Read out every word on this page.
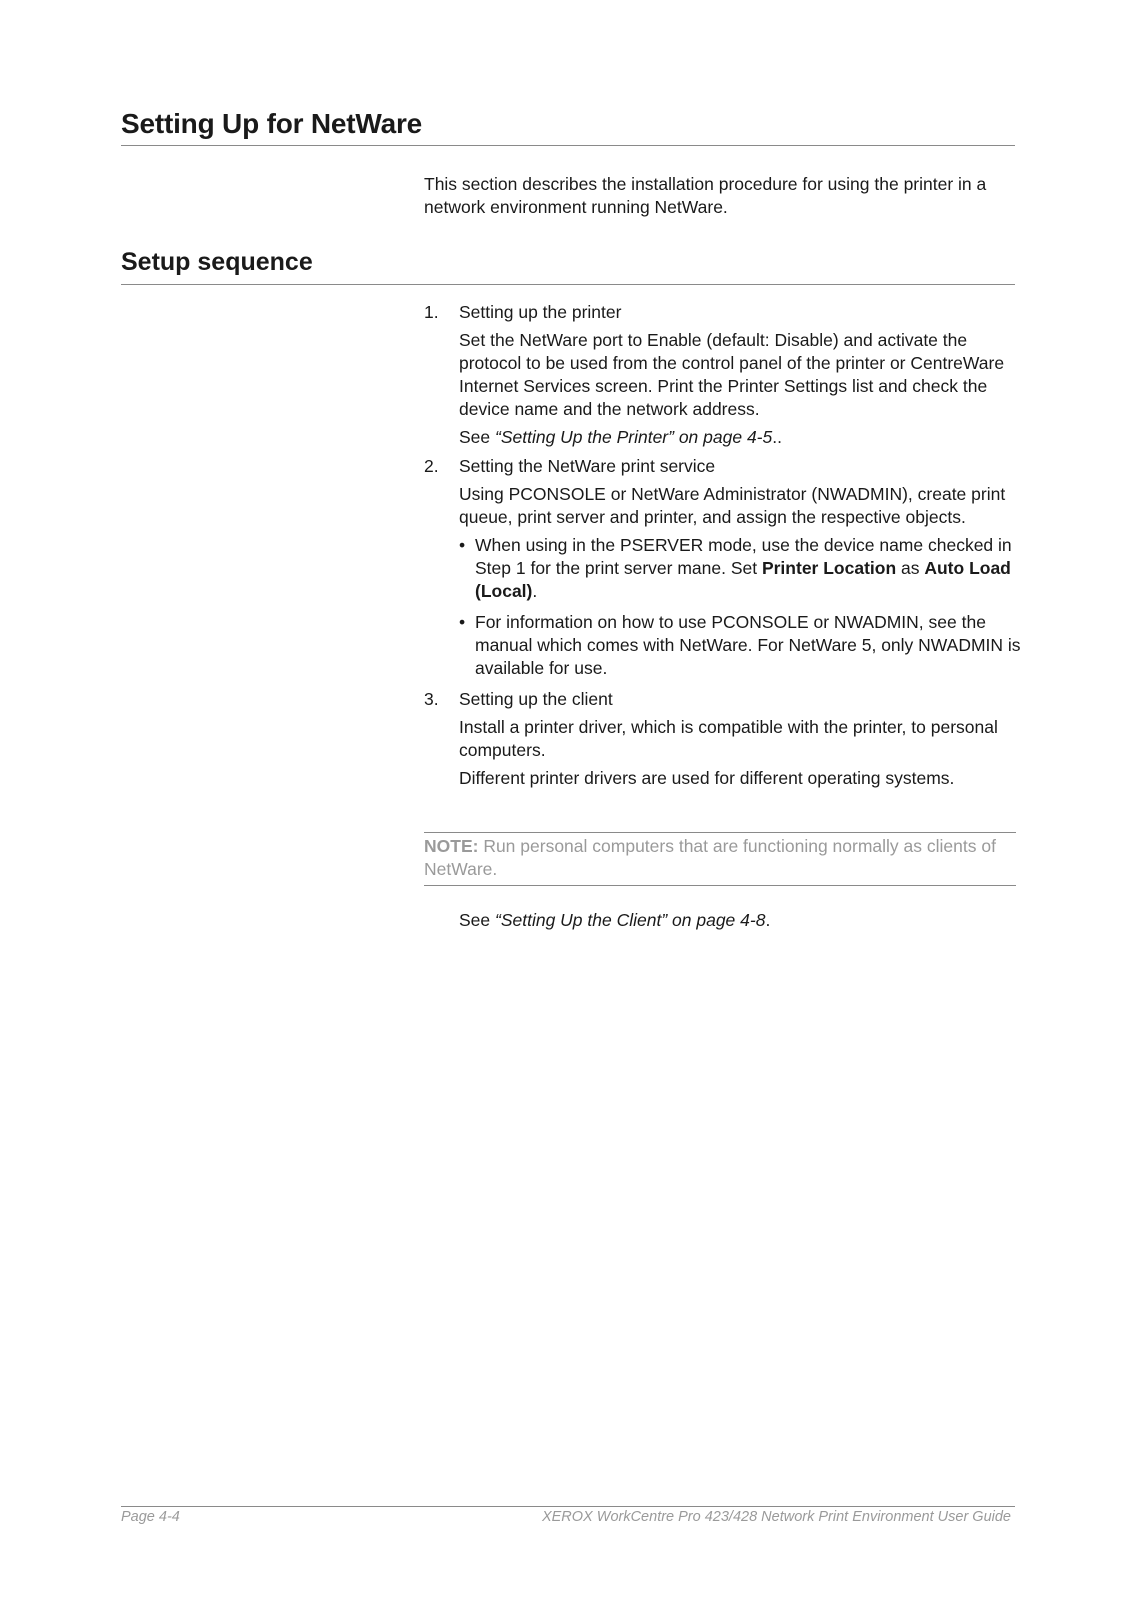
Setting Up for NetWare

This section describes the installation procedure for using the printer in a network environment running NetWare.

Setup sequence

1. Setting up the printer

Set the NetWare port to Enable (default: Disable) and activate the protocol to be used from the control panel of the printer or CentreWare Internet Services screen. Print the Printer Settings list and check the device name and the network address.

See “Setting Up the Printer” on page 4-5..

2. Setting the NetWare print service

Using PCONSOLE or NetWare Administrator (NWADMIN), create print queue, print server and printer, and assign the respective objects.

• When using in the PSERVER mode, use the device name checked in Step 1 for the print server mane. Set Printer Location as Auto Load (Local).
• For information on how to use PCONSOLE or NWADMIN, see the manual which comes with NetWare. For NetWare 5, only NWADMIN is available for use.

3. Setting up the client

Install a printer driver, which is compatible with the printer, to personal computers.

Different printer drivers are used for different operating systems.

NOTE: Run personal computers that are functioning normally as clients of NetWare.

See “Setting Up the Client” on page 4-8.

Page 4-4	XEROX WorkCentre Pro 423/428 Network Print Environment User Guide
